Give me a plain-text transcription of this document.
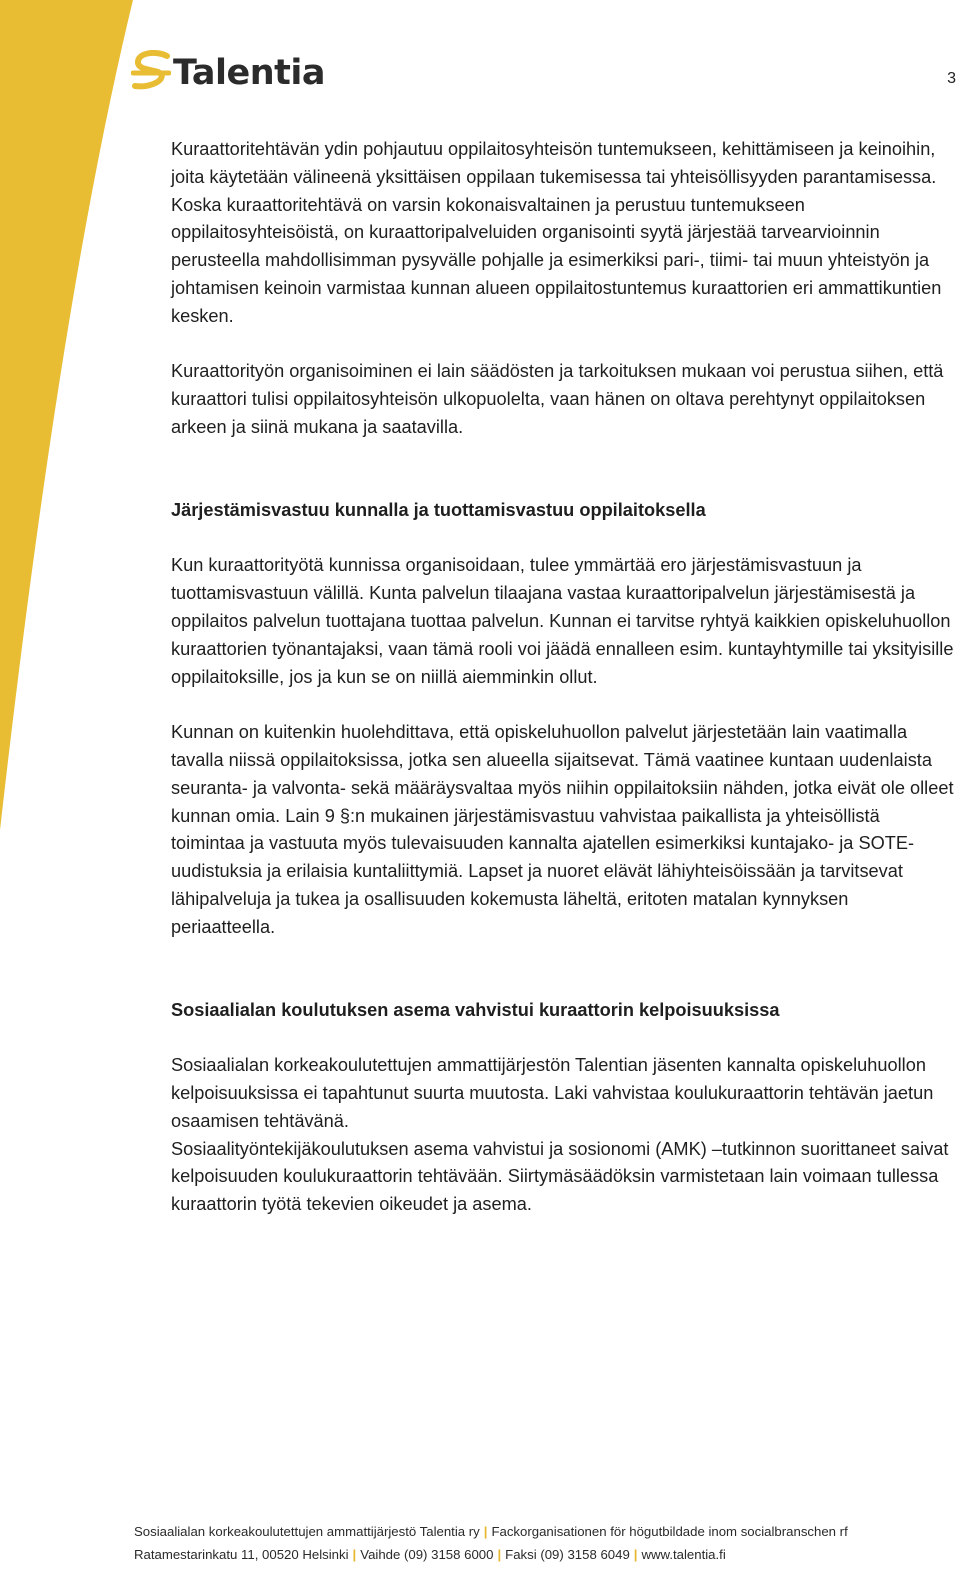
Talentia	3

Kuraattoritehtävän ydin pohjautuu oppilaitosyhteisön tuntemukseen, kehittämiseen ja keinoihin, joita käytetään välineenä yksittäisen oppilaan tukemisessa tai yhteisöllisyyden parantamisessa. Koska kuraattoritehtävä on varsin kokonaisvaltainen ja perustuu tuntemukseen oppilaitosyhteisöistä, on kuraattoripalveluiden organisointi syytä järjestää tarvearvioinnin perusteella mahdollisimman pysyvälle pohjalle ja esimerkiksi pari-, tiimi- tai muun yhteistyön ja johtamisen keinoin varmistaa kunnan alueen oppilaitostuntemus kuraattorien eri ammattikuntien kesken.

Kuraattorityön organisoiminen ei lain säädösten ja tarkoituksen mukaan voi perustua siihen, että kuraattori tulisi oppilaitosyhteisön ulkopuolelta, vaan hänen on oltava perehtynyt oppilaitoksen arkeen ja siinä mukana ja saatavilla.

Järjestämisvastuu kunnalla ja tuottamisvastuu oppilaitoksella

Kun kuraattorityötä kunnissa organisoidaan, tulee ymmärtää ero järjestämisvastuun ja tuottamisvastuun välillä. Kunta palvelun tilaajana vastaa kuraattoripalvelun järjestämisestä ja oppilaitos palvelun tuottajana tuottaa palvelun. Kunnan ei tarvitse ryhtyä kaikkien opiskeluhuollon kuraattorien työnantajaksi, vaan tämä rooli voi jäädä ennalleen esim. kuntayhtymille tai yksityisille oppilaitoksille, jos ja kun se on niillä aiemminkin ollut.

Kunnan on kuitenkin huolehdittava, että opiskeluhuollon palvelut järjestetään lain vaatimalla tavalla niissä oppilaitoksissa, jotka sen alueella sijaitsevat. Tämä vaatinee kuntaan uudenlaista seuranta- ja valvonta- sekä määräysvaltaa myös niihin oppilaitoksiin nähden, jotka eivät ole olleet kunnan omia. Lain 9 §:n mukainen järjestämisvastuu vahvistaa paikallista ja yhteisöllistä toimintaa ja vastuuta myös tulevaisuuden kannalta ajatellen esimerkiksi kuntajako- ja SOTE- uudistuksia ja erilaisia kuntaliittymiä. Lapset ja nuoret elävät lähiyhteisöissään ja tarvitsevat lähipalveluja ja tukea ja osallisuuden kokemusta läheltä, eritoten matalan kynnyksen periaatteella.

Sosiaalialan koulutuksen asema vahvistui kuraattorin kelpoisuuksissa

Sosiaalialan korkeakoulutettujen ammattijärjestön Talentian jäsenten kannalta opiskeluhuollon kelpoisuuksissa ei tapahtunut suurta muutosta. Laki vahvistaa koulukuraattorin tehtävän jaetun osaamisen tehtävänä.

Sosiaalityöntekijäkoulutuksen asema vahvistui ja sosionomi (AMK) –tutkinnon suorittaneet saivat kelpoisuuden koulukuraattorin tehtävään. Siirtymäsäädöksin varmistetaan lain voimaan tullessa kuraattorin työtä tekevien oikeudet ja asema.

Sosiaalialan korkeakoulutettujen ammattijärjestö Talentia ry | Fackorganisationen för högutbildade inom socialbranschen rf
Ratamestarinkatu 11, 00520 Helsinki | Vaihde (09) 3158 6000 | Faksi (09) 3158 6049 | www.talentia.fi
